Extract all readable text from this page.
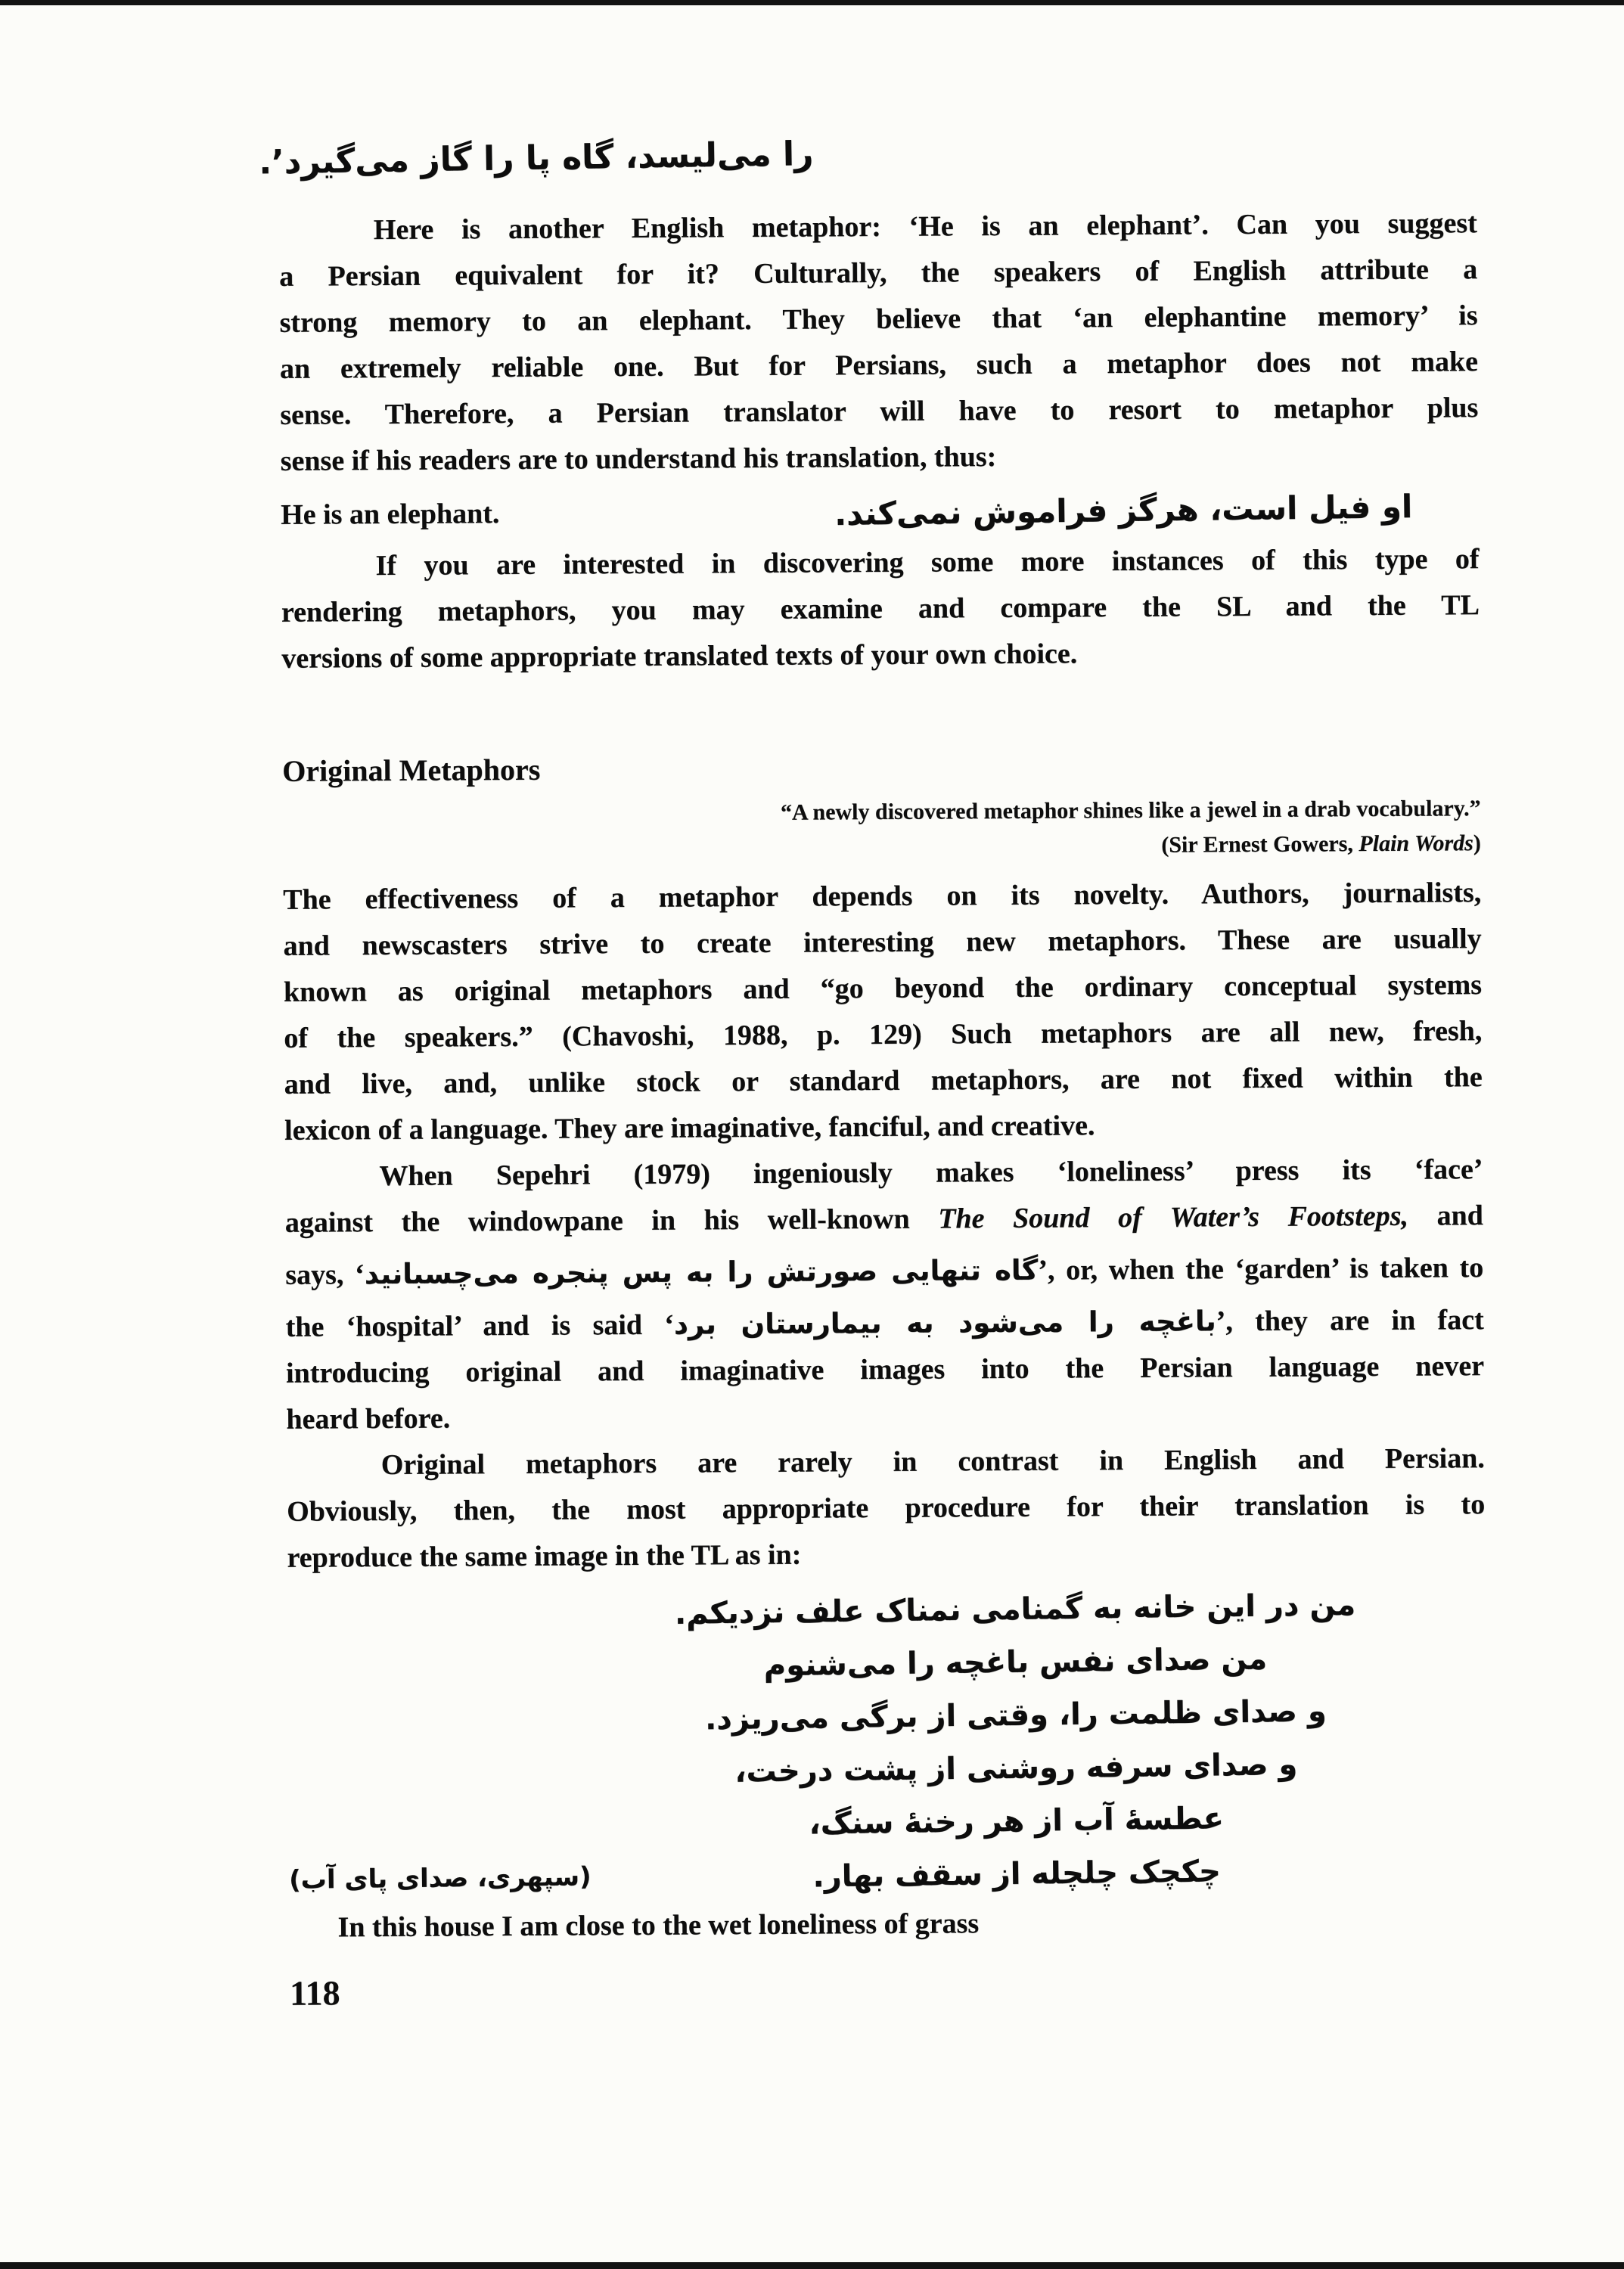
را می‌لیسد، گاه پا را گاز می‌گیرد’.
Here is another English metaphor: ‘He is an elephant’. Can you suggest
a Persian equivalent for it? Culturally, the speakers of English attribute a
strong memory to an elephant. They believe that ‘an elephantine memory’ is
an extremely reliable one. But for Persians, such a metaphor does not make
sense. Therefore, a Persian translator will have to resort to metaphor plus
sense if his readers are to understand his translation, thus:
He is an elephant.	او فیل است، هرگز فراموش نمی‌کند.
If you are interested in discovering some more instances of this type of
rendering metaphors, you may examine and compare the SL and the TL
versions of some appropriate translated texts of your own choice.
Original Metaphors
“A newly discovered metaphor shines like a jewel in a drab vocabulary.”
(Sir Ernest Gowers, Plain Words)
The effectiveness of a metaphor depends on its novelty. Authors, journalists,
and newscasters strive to create interesting new metaphors. These are usually
known as original metaphors and “go beyond the ordinary conceptual systems
of the speakers.” (Chavoshi, 1988, p. 129) Such metaphors are all new, fresh,
and live, and, unlike stock or standard metaphors, are not fixed within the
lexicon of a language. They are imaginative, fanciful, and creative.
When Sepehri (1979) ingeniously makes ‘loneliness’ press its ‘face’
against the windowpane in his well-known The Sound of Water’s Footsteps, and
says, ‘گاه تنهایی صورتش را به پس پنجره می‌چسبانید’, or, when the ‘garden’ is taken to
the ‘hospital’ and is said ‘باغچه را می‌شود به بیمارستان برد’, they are in fact
introducing original and imaginative images into the Persian language never
heard before.
Original metaphors are rarely in contrast in English and Persian.
Obviously, then, the most appropriate procedure for their translation is to
reproduce the same image in the TL as in:
من در این خانه به گمنامی نمناک علف نزدیکم.
من صدای نفس باغچه را می‌شنوم
و صدای ظلمت را، وقتی از برگی می‌ریزد.
و صدای سرفه روشنی از پشت درخت،
عطسهٔ آب از هر رخنهٔ سنگ،
(سپهری، صدای پای آب)	چکچک چلچله از سقف بهار.
In this house I am close to the wet loneliness of grass
118
